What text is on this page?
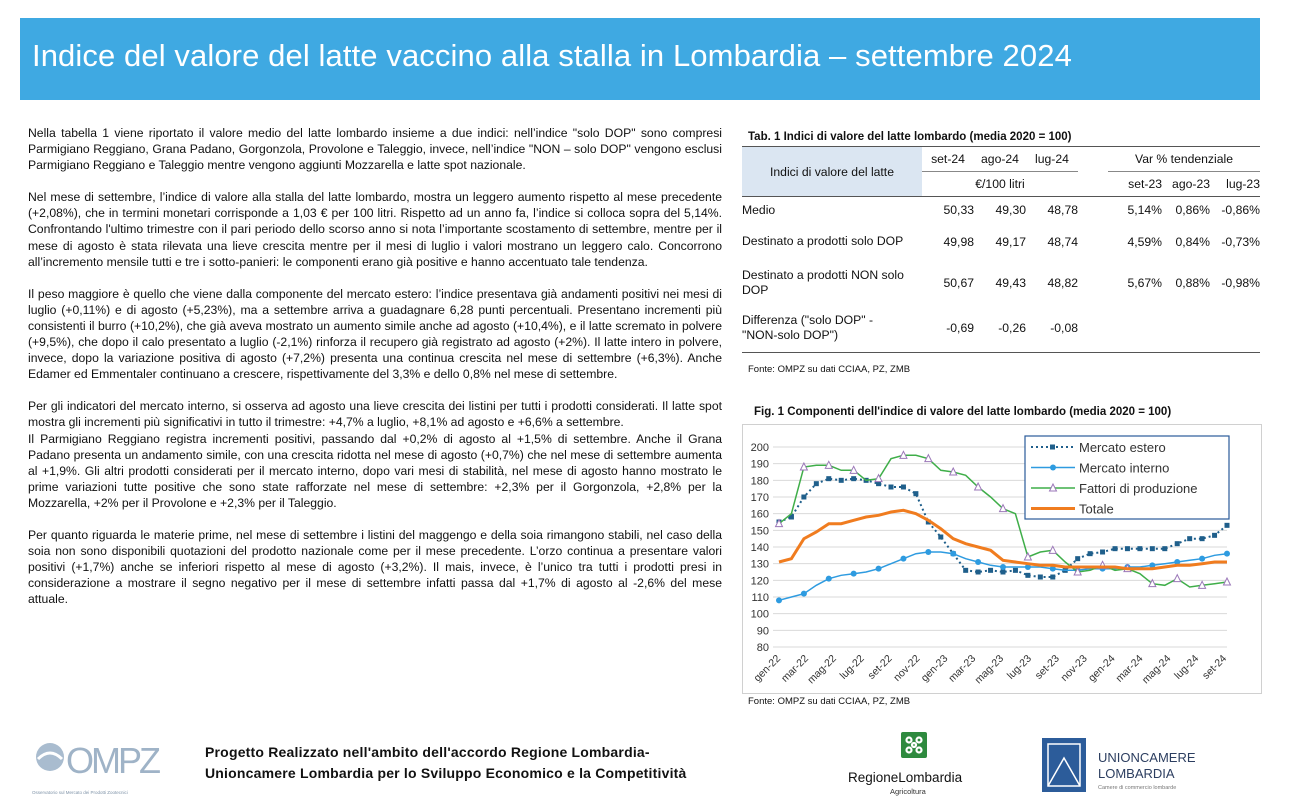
Indice del valore del latte vaccino alla stalla in Lombardia – settembre 2024

Nella tabella 1 viene riportato il valore medio del latte lombardo insieme a due indici: nell’indice "solo DOP" sono compresi Parmigiano Reggiano, Grana Padano, Gorgonzola, Provolone e Taleggio, invece, nell’indice "NON – solo DOP" vengono esclusi Parmigiano Reggiano e Taleggio mentre vengono aggiunti Mozzarella e latte spot nazionale.

Nel mese di settembre, l’indice di valore alla stalla del latte lombardo, mostra un leggero aumento rispetto al mese precedente (+2,08%), che in termini monetari corrisponde a 1,03 € per 100 litri. Rispetto ad un anno fa, l’indice si colloca sopra del 5,14%. Confrontando l'ultimo trimestre con il pari periodo dello scorso anno si nota l’importante scostamento di settembre, mentre per il mese di agosto è stata rilevata una lieve crescita mentre per il mesi di luglio i valori mostrano un leggero calo. Concorrono all’incremento mensile tutti e tre i sotto-panieri: le componenti erano già positive e hanno accentuato tale tendenza.

Il peso maggiore è quello che viene dalla componente del mercato estero: l’indice presentava già andamenti positivi nei mesi di luglio (+0,11%) e di agosto (+5,23%), ma a settembre arriva a guadagnare 6,28 punti percentuali. Presentano incrementi più consistenti il burro (+10,2%), che già aveva mostrato un aumento simile anche ad agosto (+10,4%), e il latte scremato in polvere (+9,5%), che dopo il calo presentato a luglio (-2,1%) rinforza il recupero già registrato ad agosto (+2%). Il latte intero in polvere, invece, dopo la variazione positiva di agosto (+7,2%) presenta una continua crescita nel mese di settembre (+6,3%). Anche Edamer ed Emmentaler continuano a crescere, rispettivamente del 3,3% e dello 0,8% nel mese di settembre.

Per gli indicatori del mercato interno, si osserva ad agosto una lieve crescita dei listini per tutti i prodotti considerati. Il latte spot mostra gli incrementi più significativi in tutto il trimestre: +4,7% a luglio, +8,1% ad agosto e +6,6% a settembre.

Il Parmigiano Reggiano registra incrementi positivi, passando dal +0,2% di agosto al +1,5% di settembre. Anche il Grana Padano presenta un andamento simile, con una crescita ridotta nel mese di agosto (+0,7%) che nel mese di settembre aumenta al +1,9%. Gli altri prodotti considerati per il mercato interno, dopo vari mesi di stabilità, nel mese di agosto hanno mostrato le prime variazioni tutte positive che sono state rafforzate nel mese di settembre: +2,3% per il Gorgonzola, +2,8% per la Mozzarella, +2% per il Provolone e +2,3% per il Taleggio.

Per quanto riguarda le materie prime, nel mese di settembre i listini del maggengo e della soia rimangono stabili, nel caso della soia non sono disponibili quotazioni del prodotto nazionale come per il mese precedente. L’orzo continua a presentare valori positivi (+1,7%) anche se inferiori rispetto al mese di agosto (+3,2%). Il mais, invece, è l’unico tra tutti i prodotti presi in considerazione a mostrare il segno negativo per il mese di settembre infatti passa dal +1,7% di agosto al -2,6% del mese attuale.

Tab. 1 Indici di valore del latte lombardo (media 2020 = 100)
Indici di valore del latte	set-24	ago-24	lug-24		Var % tendenziale		
	€/100 litri				set-23	ago-23	lug-23
Medio	50,33	49,30	48,78		5,14%	0,86%	-0,86%
Destinato a prodotti solo DOP	49,98	49,17	48,74		4,59%	0,84%	-0,73%
Destinato a prodotti NON solo DOP	50,67	49,43	48,82		5,67%	0,88%	-0,98%
Differenza ("solo DOP" - "NON-solo DOP")	-0,69	-0,26	-0,08				
Fonte: OMPZ su dati CCIAA, PZ, ZMB
Fig. 1 Componenti dell'indice di valore del latte lombardo (media 2020 = 100)
80
90
100
110
120
130
140
150
160
170
180
190
200
gen-22
mar-22
mag-22
lug-22
set-22
nov-22
gen-23
mar-23
mag-23
lug-23
set-23
nov-23
gen-24
mar-24
mag-24
lug-24
set-24
Mercato estero
Mercato interno
Fattori di produzione
Totale
Fonte: OMPZ su dati CCIAA, PZ, ZMB
OMPZ
Osservatorio sul Mercato dei Prodotti Zootecnici
Progetto Realizzato nell'ambito dell'accordo Regione Lombardia-
Unioncamere Lombardia per lo Sviluppo Economico e la Competitività	RegioneLombardia
Agricoltura
UNIONCAMERE
LOMBARDIA
Camere di commercio lombarde
